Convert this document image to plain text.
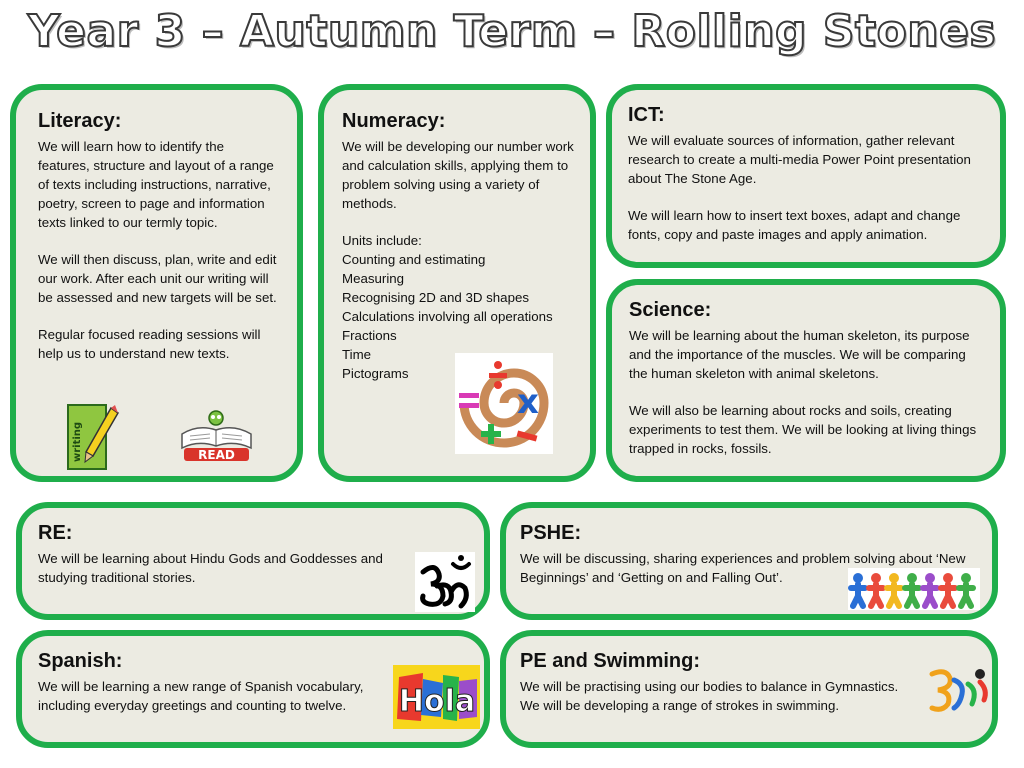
Year 3 – Autumn Term – Rolling Stones
Literacy:

We will learn how to identify the features, structure and layout of a range of texts including instructions, narrative, poetry, screen to page and information texts linked to our termly topic.

We will then discuss, plan, write and edit our work. After each unit our writing will be assessed and new targets will be set.

Regular focused reading sessions will help us to understand new texts.

writing	READ
Numeracy:

We will be developing our number work and calculation skills, applying them to problem solving using a variety of methods.

Units include:

Counting and estimating
Measuring
Recognising 2D and 3D shapes
Calculations involving all operations
Fractions
Time
Pictograms
x
ICT:

We will evaluate sources of information, gather relevant research to create a multi-media Power Point presentation about The Stone Age.

We will learn how to insert text boxes, adapt and change fonts, copy and paste images and apply animation.

Science:

We will be learning about the human skeleton, its purpose and the importance of the muscles. We will be comparing the human skeleton with animal skeletons.

We will also be learning about rocks and soils, creating experiments to test them. We will be looking at living things trapped in rocks, fossils.

RE:

We will be learning about Hindu Gods and Goddesses and studying traditional stories.

PSHE:

We will be discussing, sharing experiences and problem solving about ‘New Beginnings’ and ‘Getting on and Falling Out’.

Spanish:

We will be learning a new range of Spanish vocabulary, including everyday greetings and counting to twelve.	Hola
PE and Swimming:

We will be practising using our bodies to balance in Gymnastics.

We will be developing a range of strokes in swimming.
